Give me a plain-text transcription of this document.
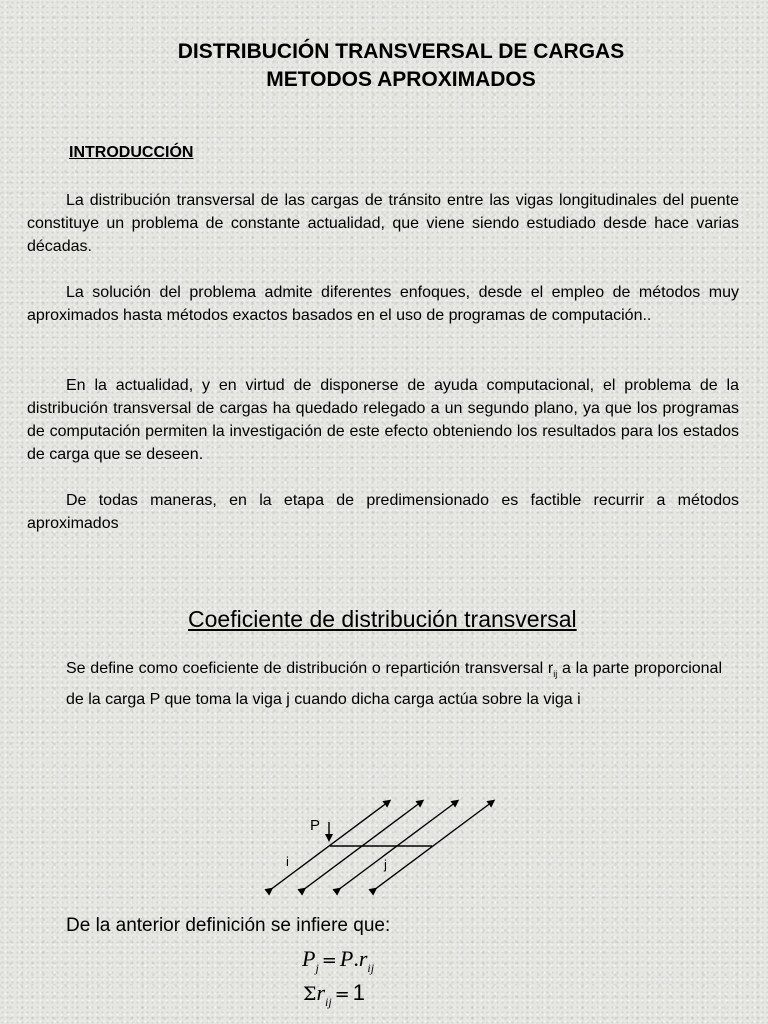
DISTRIBUCIÓN TRANSVERSAL DE CARGAS
METODOS APROXIMADOS
INTRODUCCIÓN

La distribución transversal de las cargas de tránsito entre las vigas longitudinales del puente constituye un problema de constante actualidad, que viene siendo estudiado desde hace varias décadas.

La solución del problema admite diferentes enfoques, desde el empleo de métodos muy aproximados hasta métodos exactos basados en el uso de programas de computación..

En la actualidad, y en virtud de disponerse de ayuda computacional, el problema de la distribución transversal de cargas ha quedado relegado a un segundo plano, ya que los programas de computación permiten la investigación de este efecto obteniendo los resultados para los estados de carga que se deseen.

De todas maneras, en la etapa de predimensionado es factible recurrir a métodos aproximados

Coeficiente de distribución transversal

Se define como coeficiente de distribución o repartición transversal $r_{ij}$ a la parte proporcional de la carga P que toma la viga j cuando dicha carga actúa sobre la viga i

P
i	j
De la anterior definición se infiere que:
$P_j = P.r_{ij}$
$\Sigma r_{ij} = 1$
